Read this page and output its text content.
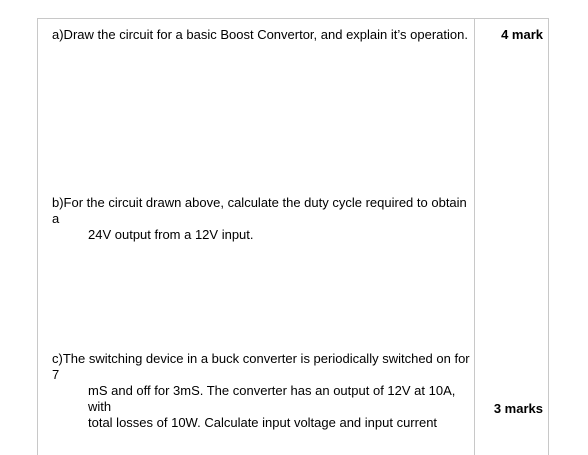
a)Draw the circuit for a basic Boost Convertor, and explain it’s operation.	4 mark

b)For the circuit drawn above, calculate the duty cycle required to obtain a
24V output from a 12V input.

c)The switching device in a buck converter is periodically switched on for 7
mS and off for 3mS. The converter has an output of 12V at 10A, with
total losses of 10W. Calculate input voltage and input current

3 marks
